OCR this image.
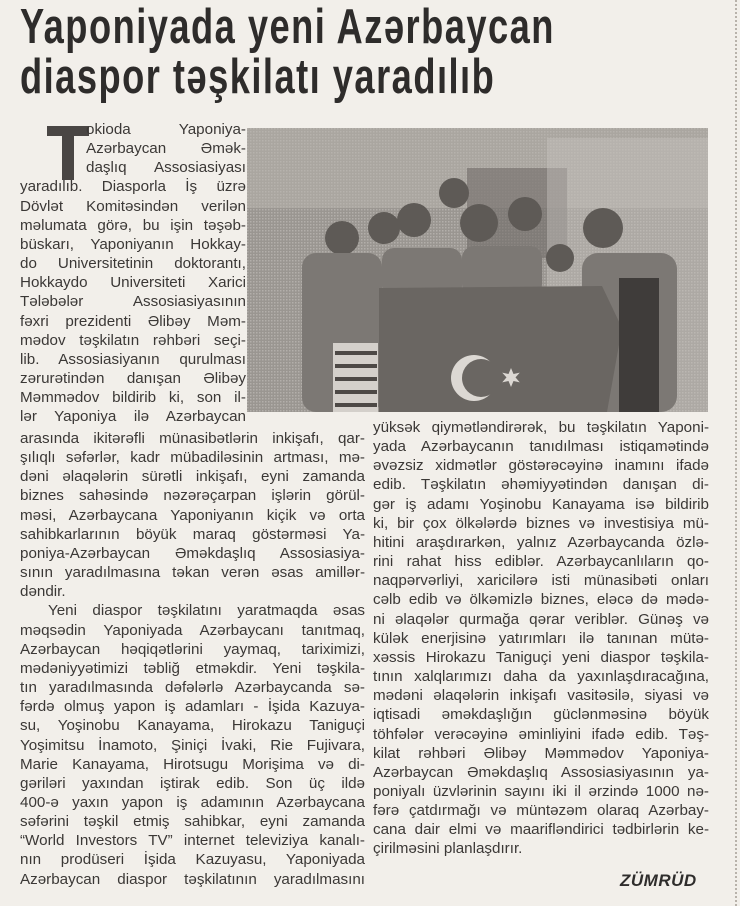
Yaponiyada yeni Azərbaycan
diaspor təşkilatı yaradılıb
okioda Yaponiya-
Azərbaycan Əmək-
daşlıq Assosiasiyası
yaradılıb. Diasporla İş üzrə
Dövlət Komitəsindən verilən
məlumata görə, bu işin təşəb-
büskarı, Yaponiyanın Hokkay-
do Universitetinin doktorantı,
Hokkaydo Universiteti Xarici
Tələbələr Assosiasiyasının
fəxri prezidenti Əlibəy Məm-
mədov təşkilatın rəhbəri seçi-
lib. Assosiasiyanın qurulması
zərurətindən danışan Əlibəy
Məmmədov bildirib ki, son il-
lər Yaponiya ilə Azərbaycan
arasında ikitərəfli münasibətlərin inkişafı, qar-
şılıqlı səfərlər, kadr mübadiləsinin artması, mə-
dəni əlaqələrin sürətli inkişafı, eyni zamanda
biznes sahəsində nəzərəçarpan işlərin görül-
məsi, Azərbaycana Yaponiyanın kiçik və orta
sahibkarlarının böyük maraq göstərməsi Ya-
poniya-Azərbaycan Əməkdaşlıq Assosiasiya-
sının yaradılmasına təkan verən əsas amillər-
dəndir.
Yeni diaspor təşkilatını yaratmaqda əsas
məqsədin Yaponiyada Azərbaycanı tanıtmaq,
Azərbaycan həqiqətlərini yaymaq, tariximizi,
mədəniyyətimizi təbliğ etməkdir. Yeni təşkila-
tın yaradılmasında dəfələrlə Azərbaycanda sə-
fərdə olmuş yapon iş adamları - İşida Kazuya-
su, Yoşinobu Kanayama, Hirokazu Taniguçi
Yoşimitsu İnamoto, Şiniçi İvaki, Rie Fujivara,
Marie Kanayama, Hirotsugu Morişima və di-
gəriləri yaxından iştirak edib. Son üç ildə
400-ə yaxın yapon iş adamının Azərbaycana
səfərini təşkil etmiş sahibkar, eyni zamanda
“World Investors TV” internet televiziya kanalı-
nın prodüseri İşida Kazuyasu, Yaponiyada
Azərbaycan diaspor təşkilatının yaradılmasını
yüksək qiymətləndirərək, bu təşkilatın Yaponi-
yada Azərbaycanın tanıdılması istiqamətində
əvəzsiz xidmətlər göstərəcəyinə inamını ifadə
edib. Təşkilatın əhəmiyyətindən danışan di-
gər iş adamı Yoşinobu Kanayama isə bildirib
ki, bir çox ölkələrdə biznes və investisiya mü-
hitini araşdırarkən, yalnız Azərbaycanda özlə-
rini rahat hiss ediblər. Azərbaycanlıların qo-
naqpərvərliyi, xaricilərə isti münasibəti onları
cəlb edib və ölkəmizlə biznes, eləcə də mədə-
ni əlaqələr qurmağa qərar veriblər. Günəş və
külək enerjisinə yatırımları ilə tanınan mütə-
xəssis Hirokazu Taniguçi yeni diaspor təşkila-
tının xalqlarımızı daha da yaxınlaşdıracağına,
mədəni əlaqələrin inkişafı vasitəsilə, siyasi və
iqtisadi əməkdaşlığın güclənməsinə böyük
töhfələr verəcəyinə əminliyini ifadə edib. Təş-
kilat rəhbəri Əlibəy Məmmədov Yaponiya-
Azərbaycan Əməkdaşlıq Assosiasiyasının ya-
poniyalı üzvlərinin sayını iki il ərzində 1000 nə-
fərə çatdırmağı və müntəzəm olaraq Azərbay-
cana dair elmi və maarifləndirici tədbirlərin ke-
çirilməsini planlaşdırır.
ZÜMRÜD
